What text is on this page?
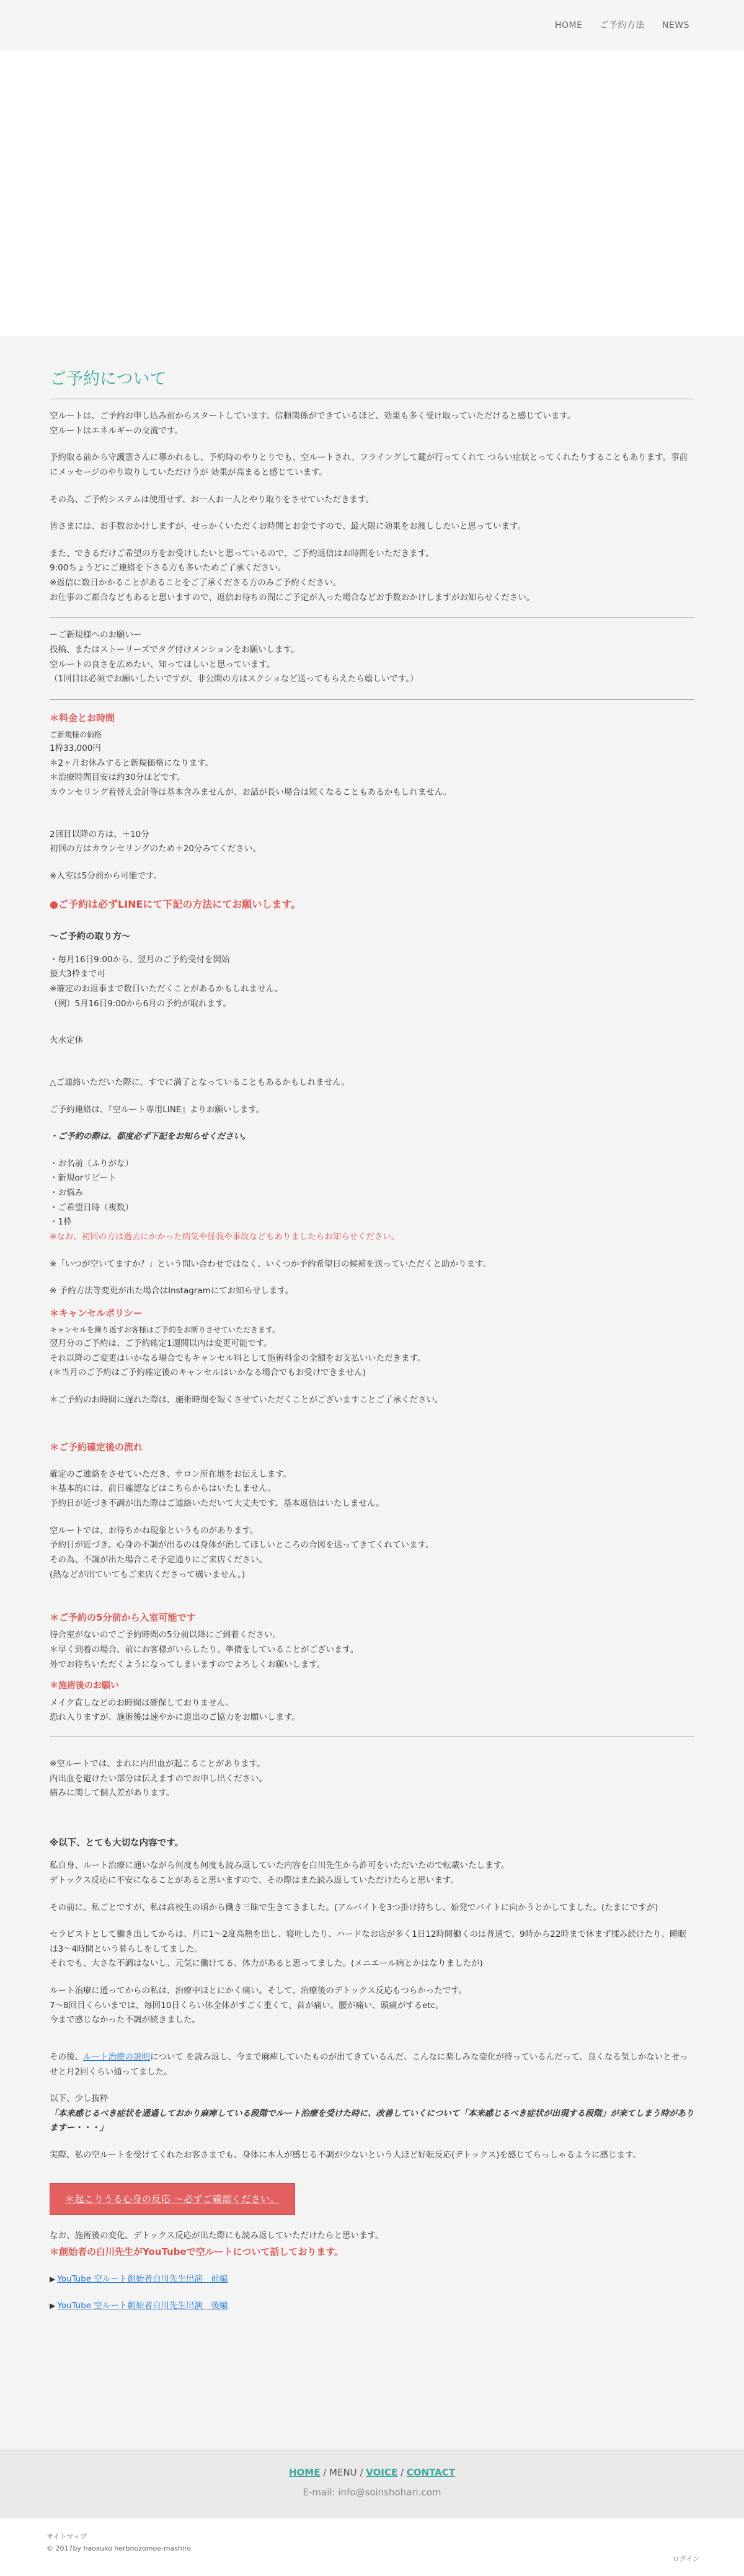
HOME ご予約方法 NEWS
ご予約について
空ルートは、ご予約お申し込み前からスタートしています。信頼関係ができているほど、効果も多く受け取っていただけると感じています。
空ルートはエネルギーの交流です。
予約取る前から守護霊さんに導かれるし、予約時のやりとりでも、空ルートされ、フライングして鍵が行ってくれて つらい症状とってくれたりすることもあります。事前にメッセージのやり取りしていただけうが 効果が高まると感じています。
その為、ご予約システムは使用せず、お一人お一人とやり取りをさせていただきます。
皆さまには、お手数おかけしますが、せっかくいただくお時間とお金ですので、最大限に効果をお渡ししたいと思っています。
また、できるだけご希望の方をお受けしたいと思っているので、ご予約返信はお時間をいただきます。
9:00ちょうどにご連絡を下さる方も多いためご了承ください。
※返信に数日かかることがあることをご了承くださる方のみご予約ください。
お仕事のご都合などもあると思いますので、返信お待ちの間にご予定が入った場合などお手数おかけしますがお知らせください。
ーご新規様へのお願いー
投稿、またはストーリーズでタグ付けメンションをお願いします。
空ルートの良さを広めたい、知ってほしいと思っています。
（1回目は必須でお願いしたいですが、非公開の方はスクショなど送ってもらえたら嬉しいです。）
＊料金とお時間
ご新規様の価格
1枠33,000円
＊2ヶ月お休みすると新規価格になります。
＊治療時間目安は約30分ほどです。
カウンセリング着替え会計等は基本含みませんが、お話が長い場合は短くなることもあるかもしれません。
2回目以降の方は、＋10分
初回の方はカウンセリングのため＋20分みてください。
※入室は5分前から可能です。
●ご予約は必ずLINEにて下記の方法にてお願いします。
〜ご予約の取り方〜
・毎月16日9:00から、翌月のご予約受付を開始
最大3枠まで可
※確定のお返事まで数日いただくことがあるかもしれません。
（例）5月16日9:00から6月の予約が取れます。
火水定休
△ご連絡いただいた際に、すでに満了となっていることもあるかもしれません。
ご予約連絡は、『空ルート専用LINE』よりお願いします。
・ご予約の際は、都度必ず下記をお知らせください。
・お名前（ふりがな）
・新規orリピート
・お悩み
・ご希望日時（複数）
・1枠
※なお、初回の方は過去にかかった病気や怪我や事故などもありましたらお知らせください。
※「いつが空いてますか？」という問い合わせではなく、いくつか予約希望日の候補を送っていただくと助かります。
※ 予約方法等変更が出た場合はInstagramにてお知らせします。
＊キャンセルポリシー
キャンセルを繰り返すお客様はご予約をお断りさせていただきます。
翌月分のご予約は、ご予約確定1週間以内は変更可能です。
それ以降のご変更はいかなる場合でもキャンセル料として施術料金の全額をお支払いいただきます。
(＊当月のご予約はご予約確定後のキャンセルはいかなる場合でもお受けできません)
＊ご予約のお時間に遅れた際は、施術時間を短くさせていただくことがございますことご了承ください。
＊ご予約確定後の流れ
確定のご連絡をさせていただき、サロン所在地をお伝えします。
＊基本的には、前日確認などはこちらからはいたしません。
予約日が近づき不調が出た際はご連絡いただいて大丈夫です。基本返信はいたしません。
空ルートでは、お待ちかね現象というものがあります。
予約日が近づき、心身の不調が出るのは身体が治してほしいところの合図を送ってきてくれています。
その為、不調が出た場合こそ予定通りにご来店ください。
(熱などが出ていてもご来店くださって構いません。)
＊ご予約の5分前から入室可能です
待合室がないのでご予約時間の5分前以降にご到着ください。
＊早く到着の場合、前にお客様がいらしたり、準備をしていることがございます。
外でお待ちいただくようになってしまいますのでよろしくお願いします。
＊施術後のお願い
メイク直しなどのお時間は確保しておりません。
恐れ入りますが、施術後は速やかに退出のご協力をお願いします。
※空ルートでは、まれに内出血が起こることがあります。
内出血を避けたい部分は伝えますのでお申し出ください。
痛みに関して個人差があります。
※以下、とても大切な内容です。
私自身、ルート治療に通いながら何度も何度も読み返していた内容を白川先生から許可をいただいたので転載いたします。
デトックス反応に不安になることがあると思いますので、その際はまた読み返していただけたらと思います。
その前に、私ごとですが、私は高校生の頃から働き三昧で生きてきました。(アルバイトを3つ掛け持ちし、始発でバイトに向かうとかしてました。(たまにですが)
セラピストとして働き出してからは、月に1〜2度高熱を出し、寝吐したり、ハードなお店が多く1日12時間働くのは普通で、9時から22時まで休まず揉み続けたり、睡眠は3〜4時間という暮らしをしてました。
それでも、大さな不調はないし、元気に働けてる、体力があると思ってました。(メニエール病とかはなりましたが)
ルート治療に通ってからの私は、治療中ほとにかく痛い。そして、治療後のデトックス反応もつらかったです。
7〜8回目くらいまでは、毎回10日くらい体全体がすごく重くて、首が痛い、腰が痛い、頭痛がするetc。
今まで感じなかった不調が続きました。
その後、ルート治療の説明について を読み返し、今まで麻痺していたものが出てきているんだ、こんなに楽しみな変化が待っているんだって、良くなる気しかないとせっせと月2回くらい通ってました。
以下、少し抜粋
「本来感じるべき症状を通過しておかり麻痺している段階でルート治療を受けた時に、改善していくについて「本来感じるべき症状が出現する段階」が来てしまう時がありますー・・・」
実際、私の空ルートを受けてくれたお客さまでも、身体に本人が感じる不調が少ないという人ほど好転反応(デトックス)を感じてらっしゃるように感じます。
＊起こりうる心身の反応 〜必ずご確認ください。
なお、施術後の変化、デトックス反応が出た際にも読み返していただけたらと思います。
＊創始者の白川先生がYouTubeで空ルートについて話しております。
▶ YouTube 空ルート創始者白川先生出演　前編
▶ YouTube 空ルート創始者白川先生出演　後編
HOME / MENU / VOICE / CONTACT
E-mail: info@soinshohari.com
サイトマップ
© 2017by haoxuko herbnozomoe-mashiro
ログイン
